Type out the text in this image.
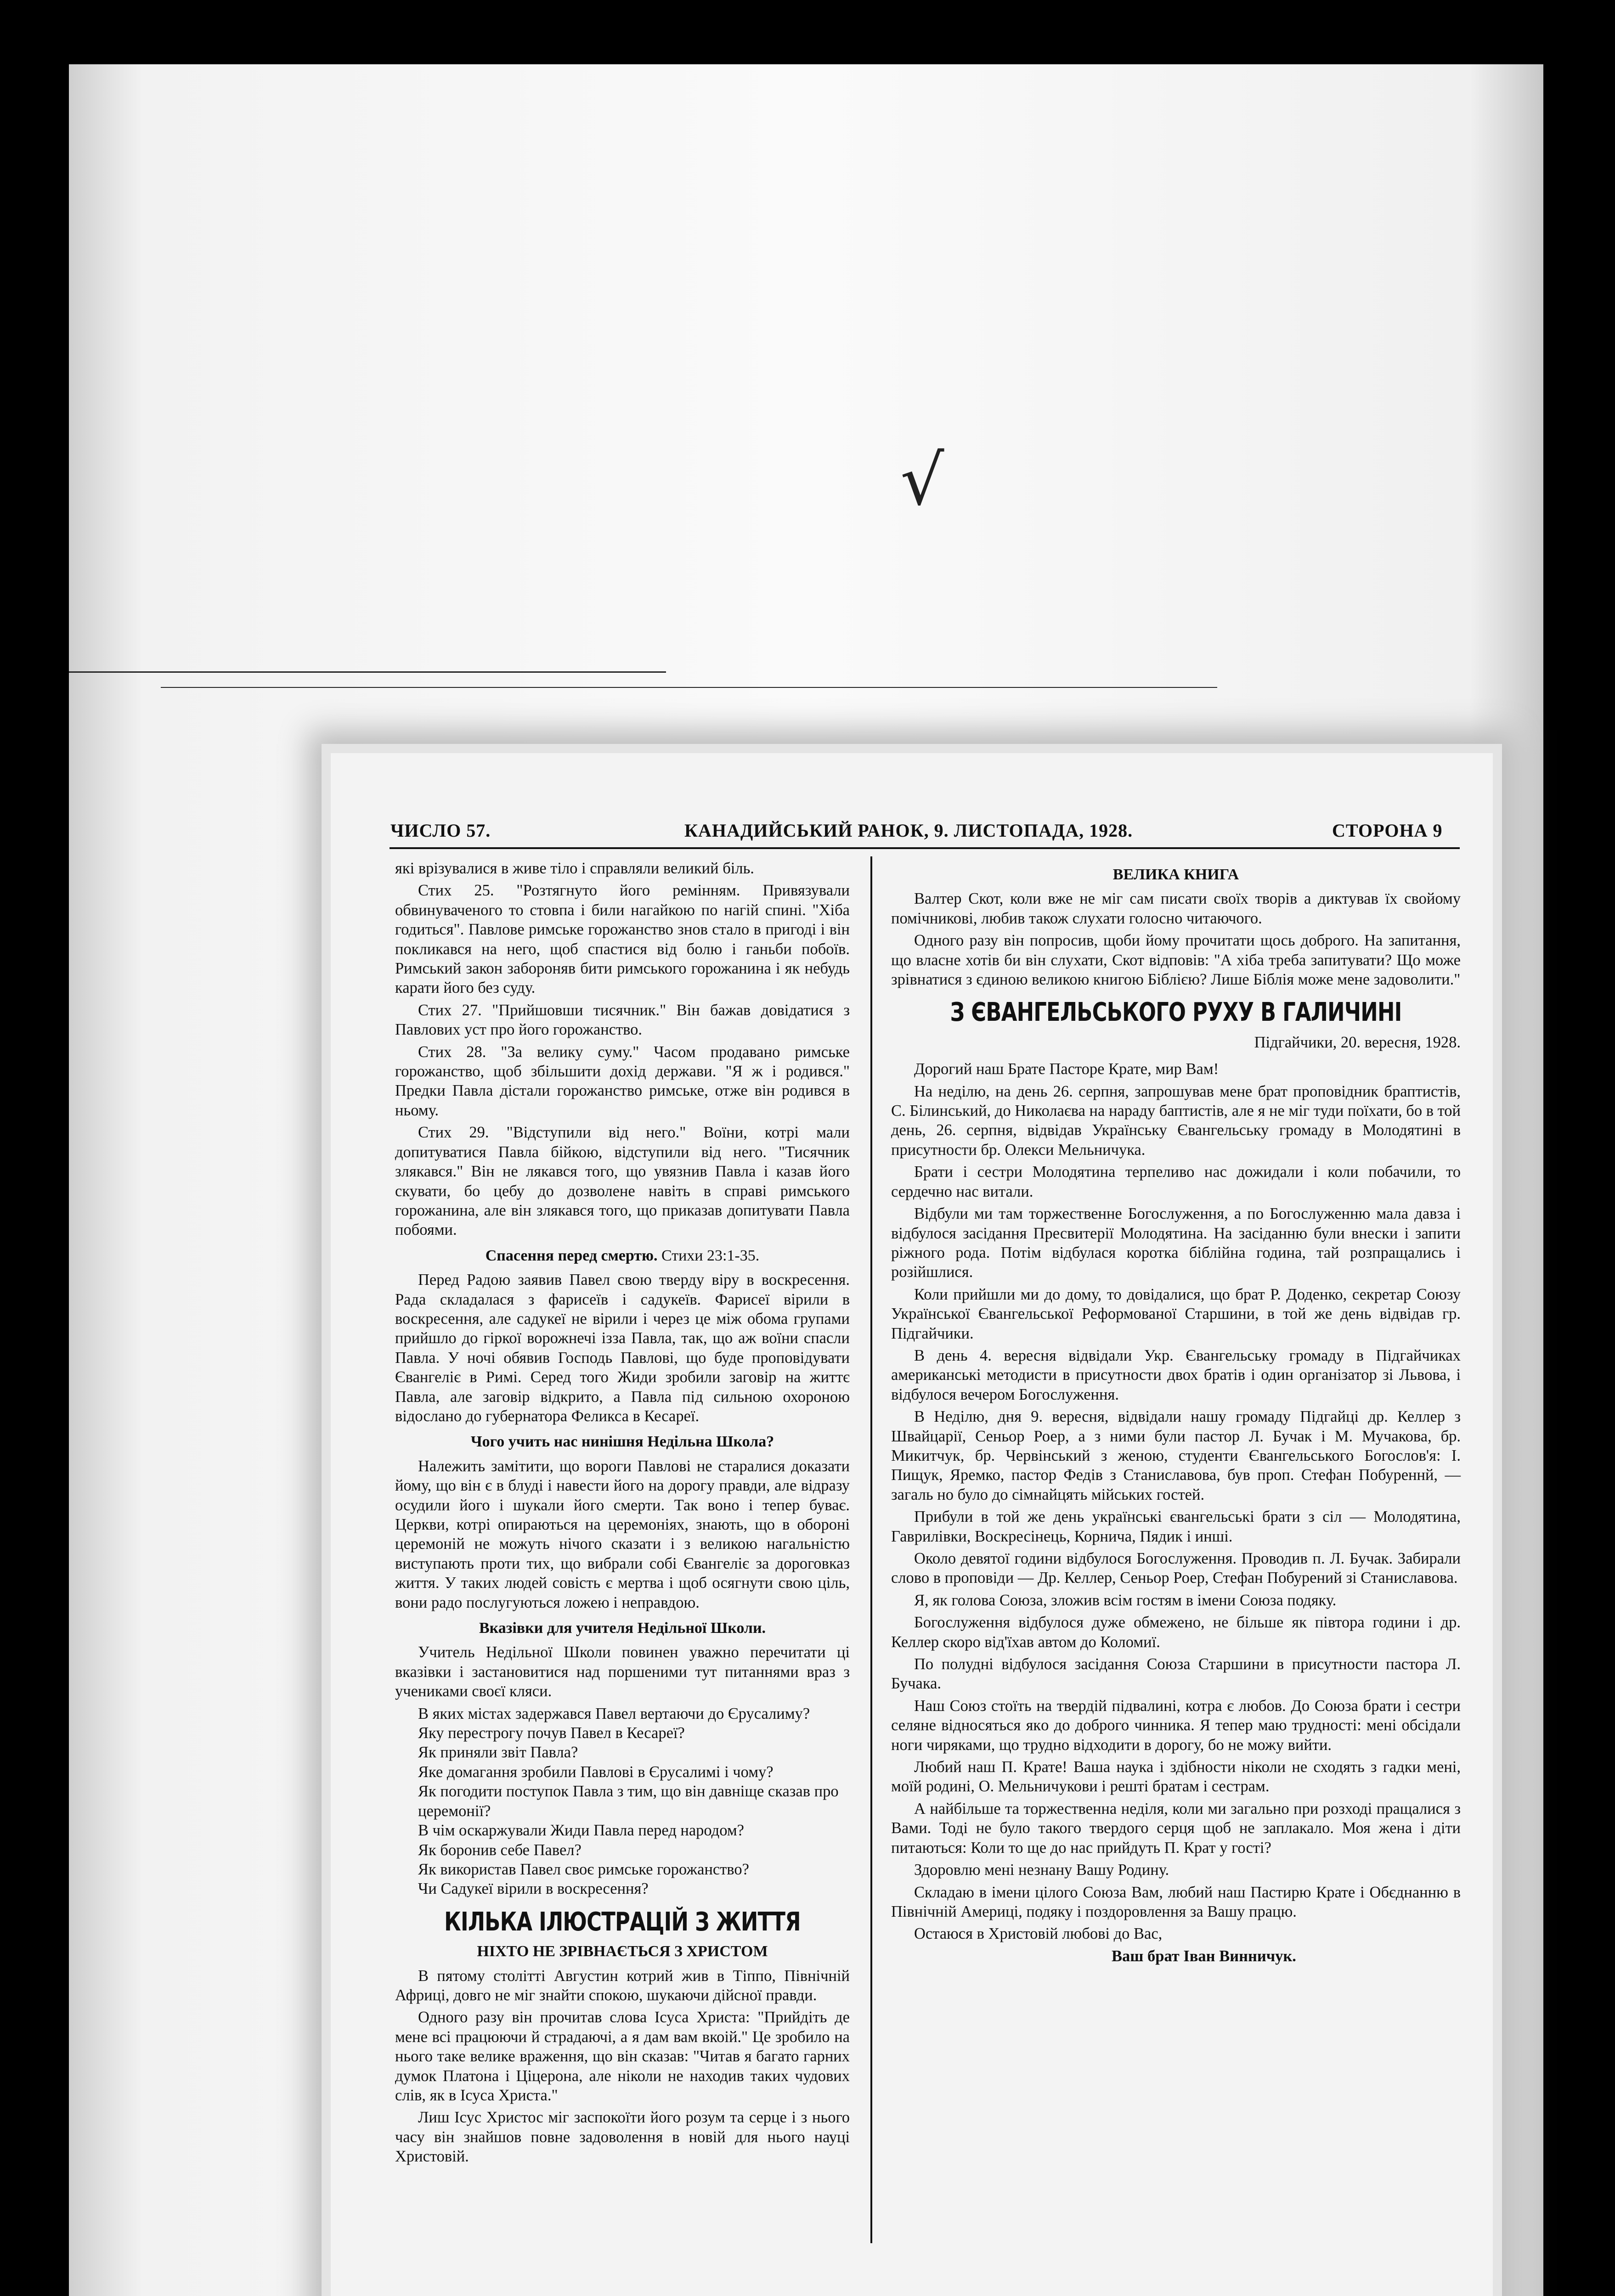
√
ЧИСЛО 57.	КАНАДИЙСЬКИЙ РАНОК, 9. ЛИСТОПАДА, 1928.	СТОРОНА 9

які врізувалися в живе тіло і справляли великий біль.

Стих 25. "Розтягнуто його ремінням. Привязували обвинуваченого то стовпа і били нагайкою по нагій спині. "Хіба годиться". Павлове римське горожанство знов стало в пригоді і він покликався на него, щоб спастися від болю і ганьби побоїв. Римський закон забороняв бити римського горожанина і як небудь карати його без суду.

Стих 27. "Прийшовши тисячник." Він бажав довідатися з Павлових уст про його горожанство.

Стих 28. "За велику суму." Часом продавано римське горожанство, щоб збільшити дохід держави. "Я ж і родився." Предки Павла дістали горожанство римське, отже він родився в ньому.

Стих 29. "Відступили від него." Воїни, котрі мали допитуватися Павла бійкою, відступили від него. "Тисячник злякався." Він не лякався того, що увязнив Павла і казав його скувати, бо цебу до дозволене навіть в справі римського горожанина, але він злякався того, що приказав допитувати Павла побоями.

Спасення перед смертю. Стихи 23:1-35.

Перед Радою заявив Павел свою тверду віру в воскресення. Рада складалася з фарисеїв і садукеїв. Фарисеї вірили в воскресення, але садукеї не вірили і через це між обома групами прийшло до гіркої ворожнечі ізза Павла, так, що аж воїни спасли Павла. У ночі обявив Господь Павлові, що буде проповідувати Євангеліє в Римі. Серед того Жиди зробили заговір на життє Павла, але заговір відкрито, а Павла під сильною охороною відослано до губернатора Феликса в Кесареї.

Чого учить нас нинішня Недільна Школа?

Належить замітити, що вороги Павлові не старалися доказати йому, що він є в блуді і навести його на дорогу правди, але відразу осудили його і шукали його смерти. Так воно і тепер буває. Церкви, котрі опираються на церемоніях, знають, що в обороні церемоній не можуть нічого сказати і з великою нагальністю виступають проти тих, що вибрали собі Євангеліє за дороговказ життя. У таких людей совість є мертва і щоб осягнути свою ціль, вони радо послугуються ложею і неправдою.

Вказівки для учителя Недільної Школи.

Учитель Недільної Школи повинен уважно перечитати ці вказівки і застановитися над поршеними тут питаннями враз з учениками своєї кляси.

В яких містах задержався Павел вертаючи до Єрусалиму?

Яку перестрогу почув Павел в Кесареї?

Як приняли звіт Павла?

Яке домагання зробили Павлові в Єрусалимі і чому?

Як погодити поступок Павла з тим, що він давніще сказав про церемонії?

В чім оскаржували Жиди Павла перед народом?

Як боронив себе Павел?

Як використав Павел своє римське горожанство?

Чи Садукеї вірили в воскресення?

КІЛЬКА ІЛЮСТРАЦІЙ З ЖИТТЯ
НІХТО НЕ ЗРІВНАЄТЬСЯ З ХРИСТОМ

В пятому столітті Августин котрий жив в Тіппо, Північній Африці, довго не міг знайти спокою, шукаючи дійсної правди.

Одного разу він прочитав слова Ісуса Христа: "Прийдіть де мене всі працюючи й страдаючі, а я дам вам вкоій." Це зробило на нього таке велике враження, що він сказав: "Читав я багато гарних думок Платона і Ціцерона, але ніколи не находив таких чудових слів, як в Ісуса Христа."

Лиш Ісус Христос міг заспокоїти його розум та серце і з нього часу він знайшов повне задоволення в новій для нього науці Христовій.

ВЕЛИКА КНИГА

Валтер Скот, коли вже не міг сам писати своїх творів а диктував їх свойому помічникові, любив також слухати голосно читаючого.

Одного разу він попросив, щоби йому прочитати щось доброго. На запитання, що власне хотів би він слухати, Скот відповів: "А хіба треба запитувати? Що може зрівнатися з єдиною великою книгою Біблією? Лише Біблія може мене задоволити."

З ЄВАНГЕЛЬСЬКОГО РУХУ В ГАЛИЧИНІ

Підгайчики, 20. вересня, 1928.

Дорогий наш Брате Пасторе Крате, мир Вам!

На неділю, на день 26. серпня, запрошував мене брат проповідник браптистів, С. Білинський, до Николаєва на нараду баптистів, але я не міг туди поїхати, бо в той день, 26. серпня, відвідав Українську Євангельську громаду в Молодятині в присутности бр. Олекси Мельничука.

Брати і сестри Молодятина терпеливо нас дожидали і коли побачили, то сердечно нас витали.

Відбули ми там торжественне Богослуження, а по Богослуженню мала давза і відбулося засідання Пресвитерії Молодятина. На засіданню були внески і запити ріжного рода. Потім відбулася коротка біблійна година, тай розпращались і розійшлися.

Коли прийшли ми до дому, то довідалися, що брат Р. Доденко, секретар Союзу Української Євангельської Реформованої Старшини, в той же день відвідав гр. Підгайчики.

В день 4. вересня відвідали Укр. Євангельську громаду в Підгайчиках американські методисти в присутности двох братів і один організатор зі Львова, і відбулося вечером Богослуження.

В Неділю, дня 9. вересня, відвідали нашу громаду Підгайці др. Келлер з Швайцарії, Сеньор Роер, а з ними були пастор Л. Бучак і М. Мучакова, бр. Микитчук, бр. Червінський з женою, студенти Євангельського Богослов'я: І. Пищук, Яремко, пастор Федів з Станиславова, був проп. Стефан Побуреннй, — загаль но було до сімнайцять мійських гостей.

Прибули в той же день українські євангельські брати з сіл — Молодятина, Гаврилівки, Воскресінець, Корнича, Пядик і инші.

Около девятої години відбулося Богослуження. Проводив п. Л. Бучак. Забирали слово в проповіди — Др. Келлер, Сеньор Роер, Стефан Побурений зі Станиславова.

Я, як голова Союза, зложив всім гостям в імени Союза подяку.

Богослуження відбулося дуже обмежено, не більше як півтора години і др. Келлер скоро від'їхав автом до Коломиї.

По полудні відбулося засідання Союза Старшини в присутности пастора Л. Бучака.

Наш Союз стоїть на твердій підвалині, котра є любов. До Союза брати і сестри селяне відносяться якo до доброго чинника. Я тепер маю трудності: мені обсідали ноги чиряками, що трудно відходити в дорогу, бо не можу вийти.

Любий наш П. Крате! Ваша наука і здібности ніколи не сходять з гадки мені, моїй родині, О. Мельничукови і решті братам і сестрам.

А найбільше та торжественна неділя, коли ми загально при розході пращалися з Вами. Тоді не було такого твердого серця щоб не заплакало. Моя жена і діти питаються: Коли то ще до нас прийдуть П. Крат у гості?

Здоровлю мені незнану Вашу Родину.

Складаю в імени цілого Союза Вам, любий наш Пастирю Крате і Обєднанню в Північній Америці, подяку і поздоровлення за Вашу працю.

Остаюся в Христовій любові до Вас,

Ваш брат Іван Винничук.
